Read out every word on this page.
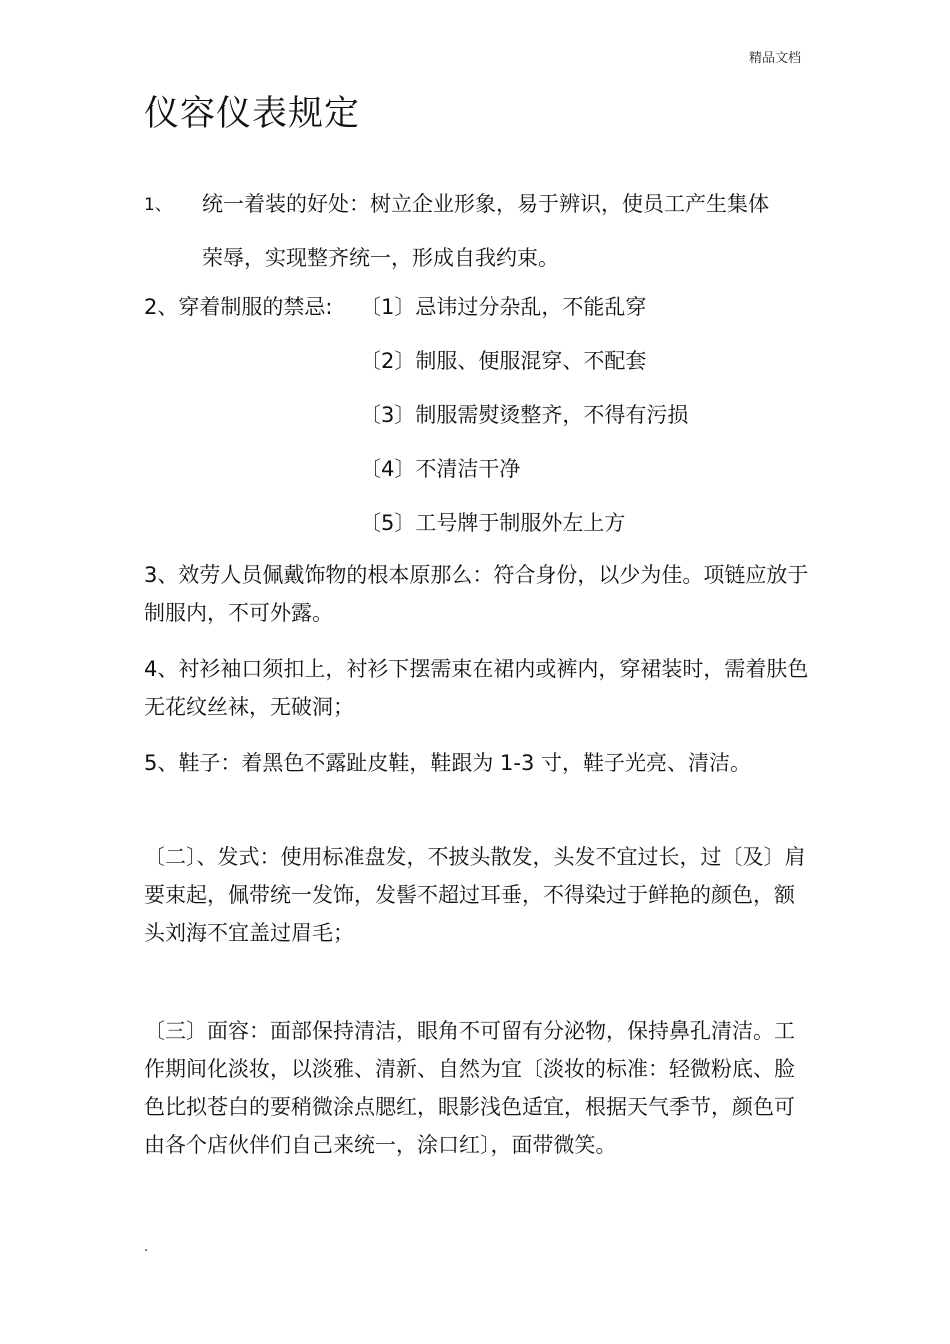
精品文档
仪容仪表规定
1、 统一着装的好处：树立企业形象，易于辨识，使员工产生集体
荣辱，实现整齐统一，形成自我约束。
2、穿着制服的禁忌: 〔1〕忌讳过分杂乱，不能乱穿
〔2〕制服、便服混穿、不配套
〔3〕制服需熨烫整齐，不得有污损
〔4〕不清洁干净
〔5〕工号牌于制服外左上方
3、效劳人员佩戴饰物的根本原那么：符合身份，以少为佳。项链应放于制服内，不可外露。
4、衬衫袖口须扣上，衬衫下摆需束在裙内或裤内，穿裙装时，需着肤色无花纹丝袜，无破洞；
5、鞋子：着黑色不露趾皮鞋，鞋跟为 1-3 寸，鞋子光亮、清洁。
〔二〕、发式：使用标准盘发，不披头散发，头发不宜过长，过〔及〕肩要束起，佩带统一发饰，发髻不超过耳垂，不得染过于鲜艳的颜色，额头刘海不宜盖过眉毛；
〔三〕面容：面部保持清洁，眼角不可留有分泌物，保持鼻孔清洁。工作期间化淡妆，以淡雅、清新、自然为宜〔淡妆的标准：轻微粉底、脸色比拟苍白的要稍微涂点腮红，眼影浅色适宜，根据天气季节，颜色可由各个店伙伴们自己来统一，涂口红〕，面带微笑。
.
